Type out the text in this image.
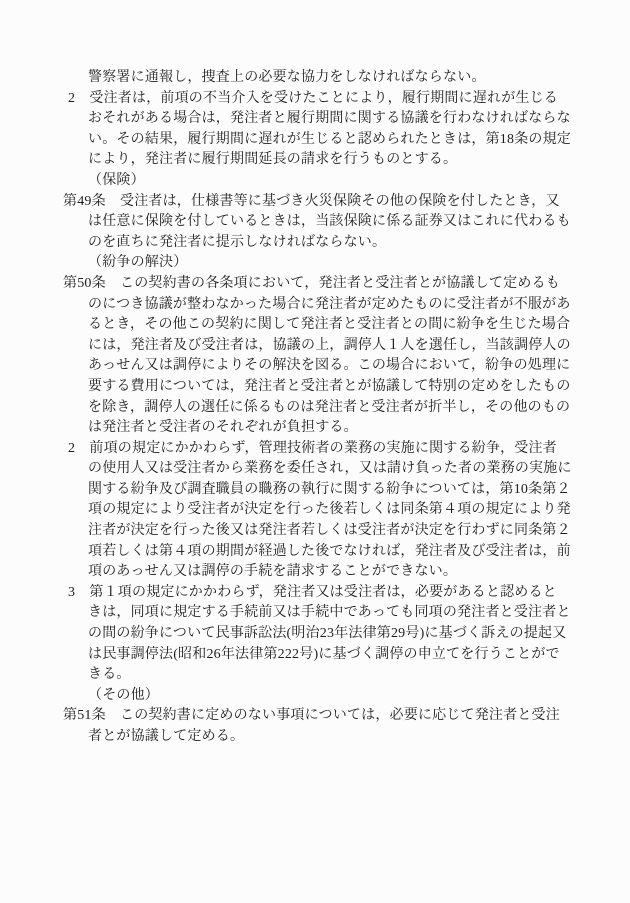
警察署に通報し，捜査上の必要な協力をしなければならない。
2　受注者は，前項の不当介入を受けたことにより，履行期間に遅れが生じる
おそれがある場合は，発注者と履行期間に関する協議を行わなければならな
い。その結果，履行期間に遅れが生じると認められたときは，第18条の規定
により，発注者に履行期間延長の請求を行うものとする。
（保険）
第49条　受注者は，仕様書等に基づき火災保険その他の保険を付したとき，又
は任意に保険を付しているときは，当該保険に係る証券又はこれに代わるも
のを直ちに発注者に提示しなければならない。
（紛争の解決）
第50条　この契約書の各条項において，発注者と受注者とが協議して定めるも
のにつき協議が整わなかった場合に発注者が定めたものに受注者が不服があ
るとき，その他この契約に関して発注者と受注者との間に紛争を生じた場合
には，発注者及び受注者は，協議の上，調停人１人を選任し，当該調停人の
あっせん又は調停によりその解決を図る。この場合において，紛争の処理に
要する費用については，発注者と受注者とが協議して特別の定めをしたもの
を除き，調停人の選任に係るものは発注者と受注者が折半し，その他のもの
は発注者と受注者のそれぞれが負担する。
2　前項の規定にかかわらず，管理技術者の業務の実施に関する紛争，受注者
の使用人又は受注者から業務を委任され，又は請け負った者の業務の実施に
関する紛争及び調査職員の職務の執行に関する紛争については，第10条第２
項の規定により受注者が決定を行った後若しくは同条第４項の規定により発
注者が決定を行った後又は発注者若しくは受注者が決定を行わずに同条第２
項若しくは第４項の期間が経過した後でなければ，発注者及び受注者は，前
項のあっせん又は調停の手続を請求することができない。
3　第１項の規定にかかわらず，発注者又は受注者は，必要があると認めると
きは，同項に規定する手続前又は手続中であっても同項の発注者と受注者と
の間の紛争について民事訴訟法(明治23年法律第29号)に基づく訴えの提起又
は民事調停法(昭和26年法律第222号)に基づく調停の申立てを行うことがで
きる。
（その他）
第51条　この契約書に定めのない事項については，必要に応じて発注者と受注
者とが協議して定める。
